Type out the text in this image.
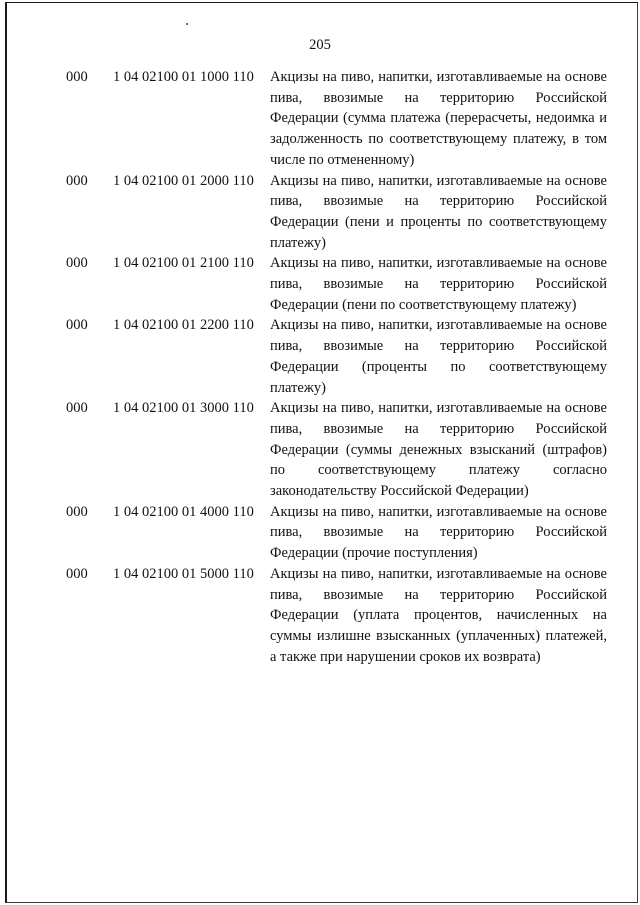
205
000 1 04 02100 01 1000 110 Акцизы на пиво, напитки, изготавливаемые на основе пива, ввозимые на территорию Российской Федерации (сумма платежа (перерасчеты, недоимка и задолженность по соответствующему платежу, в том числе по отмененному)
000 1 04 02100 01 2000 110 Акцизы на пиво, напитки, изготавливаемые на основе пива, ввозимые на территорию Российской Федерации (пени и проценты по соответствующему платежу)
000 1 04 02100 01 2100 110 Акцизы на пиво, напитки, изготавливаемые на основе пива, ввозимые на территорию Российской Федерации (пени по соответствующему платежу)
000 1 04 02100 01 2200 110 Акцизы на пиво, напитки, изготавливаемые на основе пива, ввозимые на территорию Российской Федерации (проценты по соответствующему платежу)
000 1 04 02100 01 3000 110 Акцизы на пиво, напитки, изготавливаемые на основе пива, ввозимые на территорию Российской Федерации (суммы денежных взысканий (штрафов) по соответствующему платежу согласно законодательству Российской Федерации)
000 1 04 02100 01 4000 110 Акцизы на пиво, напитки, изготавливаемые на основе пива, ввозимые на территорию Российской Федерации (прочие поступления)
000 1 04 02100 01 5000 110 Акцизы на пиво, напитки, изготавливаемые на основе пива, ввозимые на территорию Российской Федерации (уплата процентов, начисленных на суммы излишне взысканных (уплаченных) платежей, а также при нарушении сроков их возврата)
